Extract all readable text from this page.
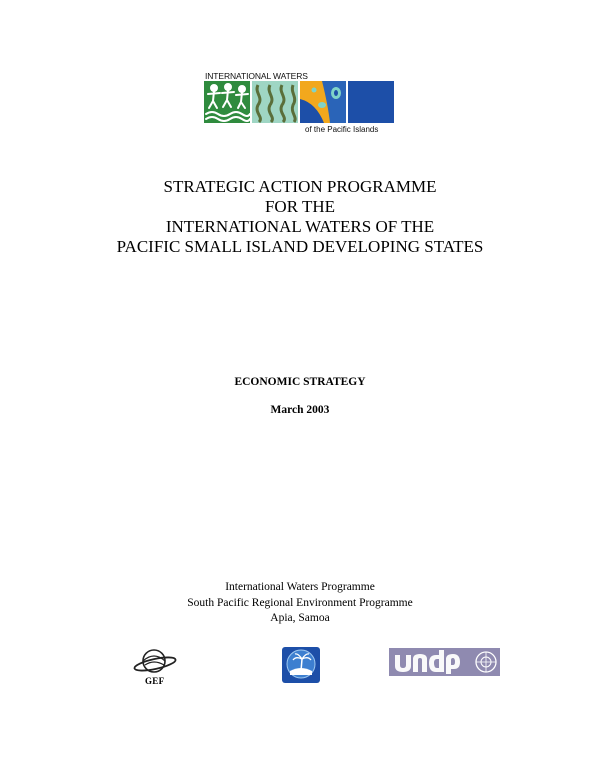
INTERNATIONAL WATERS
of the Pacific Islands
STRATEGIC ACTION PROGRAMME
FOR THE
INTERNATIONAL WATERS OF THE
PACIFIC SMALL ISLAND DEVELOPING STATES
ECONOMIC STRATEGY
March 2003
International Waters Programme
South Pacific Regional Environment Programme
Apia, Samoa
GEF
